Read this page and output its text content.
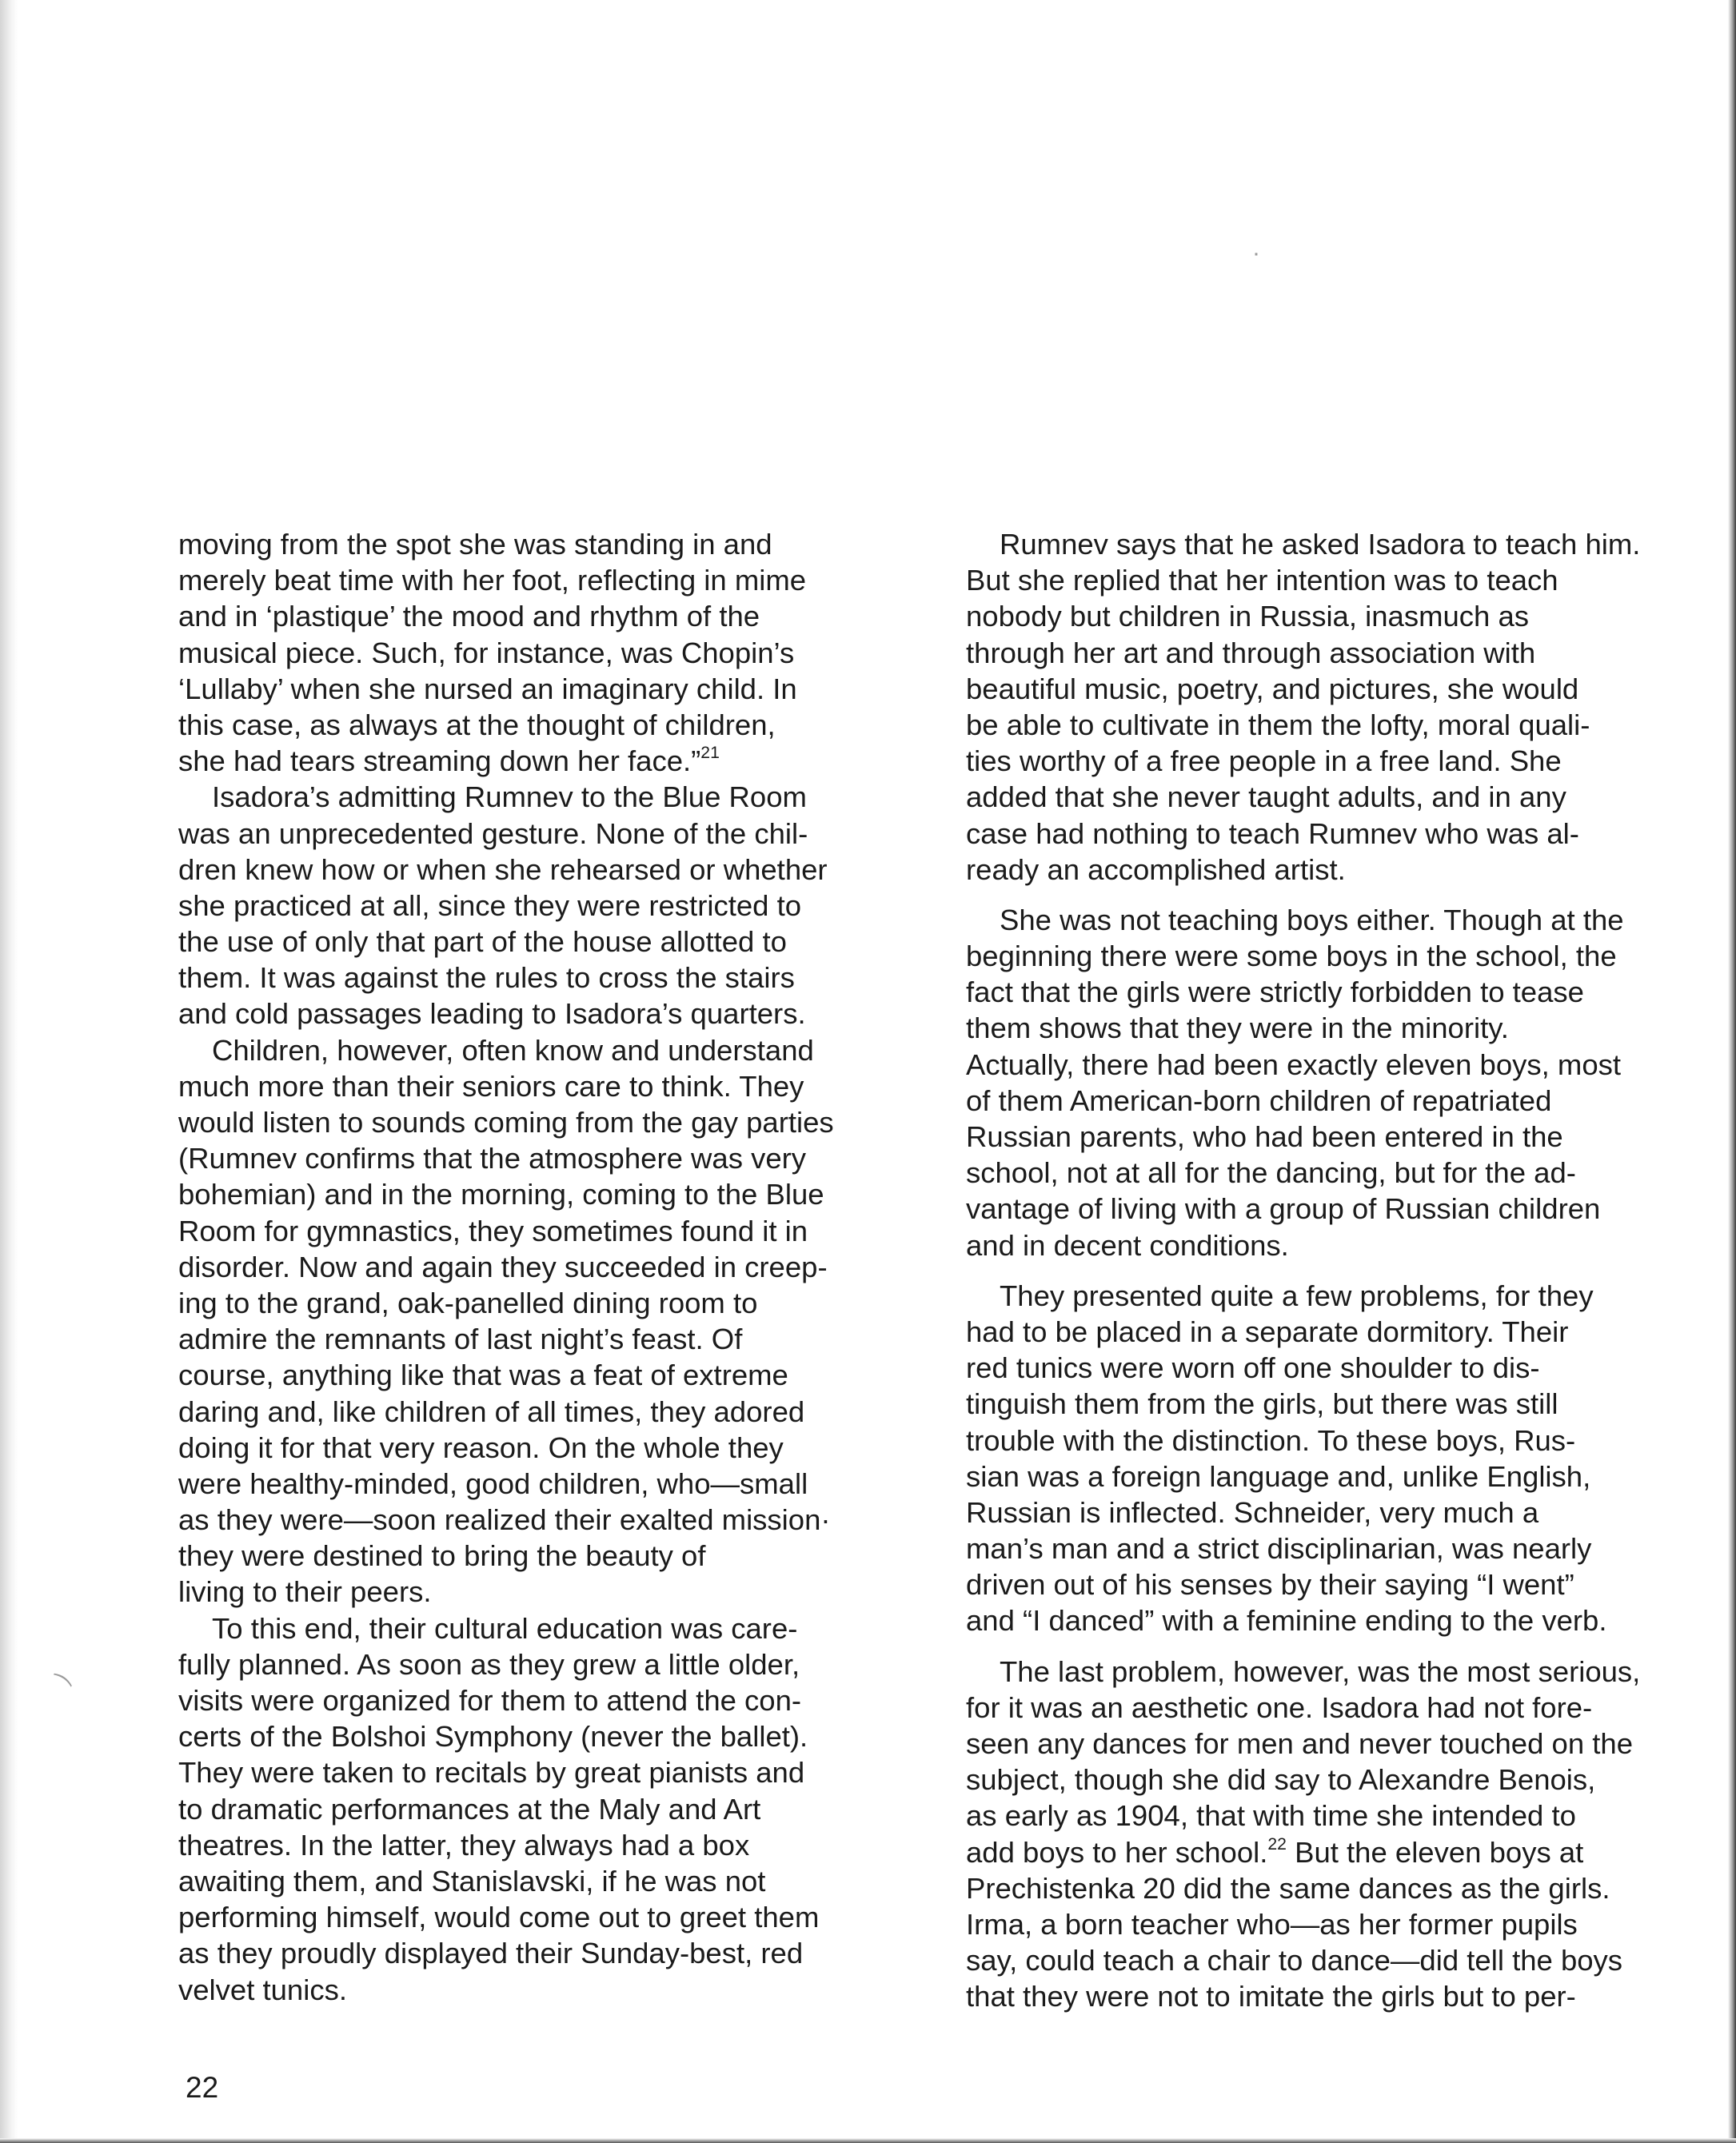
·
⁀
moving from the spot she was standing in and
merely beat time with her foot, reflecting in mime
and in ‘plastique’ the mood and rhythm of the
musical piece. Such, for instance, was Chopin’s
‘Lullaby’ when she nursed an imaginary child. In
this case, as always at the thought of children,
she had tears streaming down her face.”$^{21}$
Isadora’s admitting Rumnev to the Blue Room
was an unprecedented gesture. None of the chil-
dren knew how or when she rehearsed or whether
she practiced at all, since they were restricted to
the use of only that part of the house allotted to
them. It was against the rules to cross the stairs
and cold passages leading to Isadora’s quarters.
Children, however, often know and understand
much more than their seniors care to think. They
would listen to sounds coming from the gay parties
(Rumnev confirms that the atmosphere was very
bohemian) and in the morning, coming to the Blue
Room for gymnastics, they sometimes found it in
disorder. Now and again they succeeded in creep-
ing to the grand, oak-panelled dining room to
admire the remnants of last night’s feast. Of
course, anything like that was a feat of extreme
daring and, like children of all times, they adored
doing it for that very reason. On the whole they
were healthy-minded, good children, who—small
as they were—soon realized their exalted mission·
they were destined to bring the beauty of
living to their peers.
To this end, their cultural education was care-
fully planned. As soon as they grew a little older,
visits were organized for them to attend the con-
certs of the Bolshoi Symphony (never the ballet).
They were taken to recitals by great pianists and
to dramatic performances at the Maly and Art
theatres. In the latter, they always had a box
awaiting them, and Stanislavski, if he was not
performing himself, would come out to greet them
as they proudly displayed their Sunday-best, red
velvet tunics.
Rumnev says that he asked Isadora to teach him.
But she replied that her intention was to teach
nobody but children in Russia, inasmuch as
through her art and through association with
beautiful music, poetry, and pictures, she would
be able to cultivate in them the lofty, moral quali-
ties worthy of a free people in a free land. She
added that she never taught adults, and in any
case had nothing to teach Rumnev who was al-
ready an accomplished artist.
She was not teaching boys either. Though at the
beginning there were some boys in the school, the
fact that the girls were strictly forbidden to tease
them shows that they were in the minority.
Actually, there had been exactly eleven boys, most
of them American-born children of repatriated
Russian parents, who had been entered in the
school, not at all for the dancing, but for the ad-
vantage of living with a group of Russian children
and in decent conditions.
They presented quite a few problems, for they
had to be placed in a separate dormitory. Their
red tunics were worn off one shoulder to dis-
tinguish them from the girls, but there was still
trouble with the distinction. To these boys, Rus-
sian was a foreign language and, unlike English,
Russian is inflected. Schneider, very much a
man’s man and a strict disciplinarian, was nearly
driven out of his senses by their saying “I went”
and “I danced” with a feminine ending to the verb.
The last problem, however, was the most serious,
for it was an aesthetic one. Isadora had not fore-
seen any dances for men and never touched on the
subject, though she did say to Alexandre Benois,
as early as 1904, that with time she intended to
add boys to her school.$^{22}$ But the eleven boys at
Prechistenka 20 did the same dances as the girls.
Irma, a born teacher who—as her former pupils
say, could teach a chair to dance—did tell the boys
that they were not to imitate the girls but to per-
22
